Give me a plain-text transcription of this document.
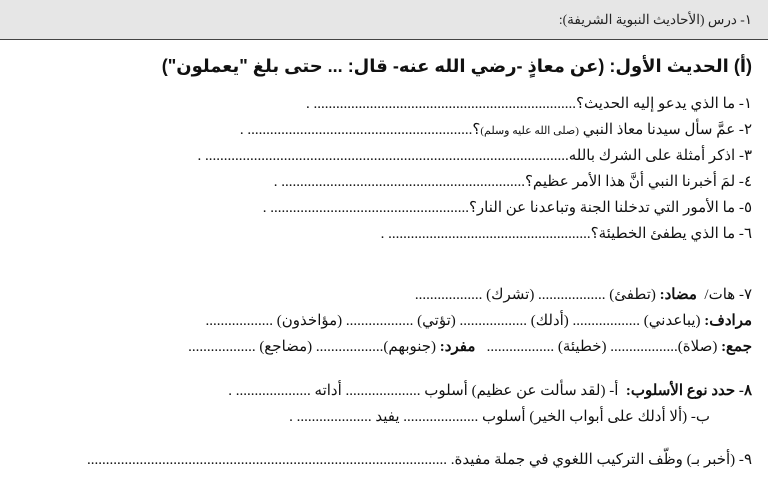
١- درس (الأحاديث النبوية الشريفة):
(أ) الحديث الأول: (عن معاذٍ -رضي الله عنه- قال: ... حتى بلغ "يعملون")
١- ما الذي يدعو إليه الحديث؟...................................................................... .
٢- عمَّ سأل سيدنا معاذ النبي (صلى الله عليه وسلم)؟............................................................ .
٣- اذكر أمثلة على الشرك بالله................................................................................................. .
٤- لمَ أخبرنا النبي أنَّ هذا الأمر عظيم؟................................................................. .
٥- ما الأمور التي تدخلنا الجنة وتباعدنا عن النار؟..................................................... .
٦- ما الذي يطفئ الخطيئة؟...................................................... .
٧- هات/  مضاد: (تطفئ) .................. (تشرك) ..................
مرادف: (يباعدني) .................. (أدلك) .................. (تؤتي) .................. (مؤاخذون) ..................
جمع: (صلاة).................. (خطيئة) ..................   مفرد: (جنوبهم).................. (مضاجع) ..................
٨- حدد نوع الأسلوب:  أ- (لقد سألت عن عظيم) أسلوب .................... أداته .................... .
ب- (ألا أدلك على أبواب الخير) أسلوب .................... يفيد .................... .
٩- (أخبر بـ) وظّف التركيب اللغوي في جملة مفيدة. ................................................................................................
